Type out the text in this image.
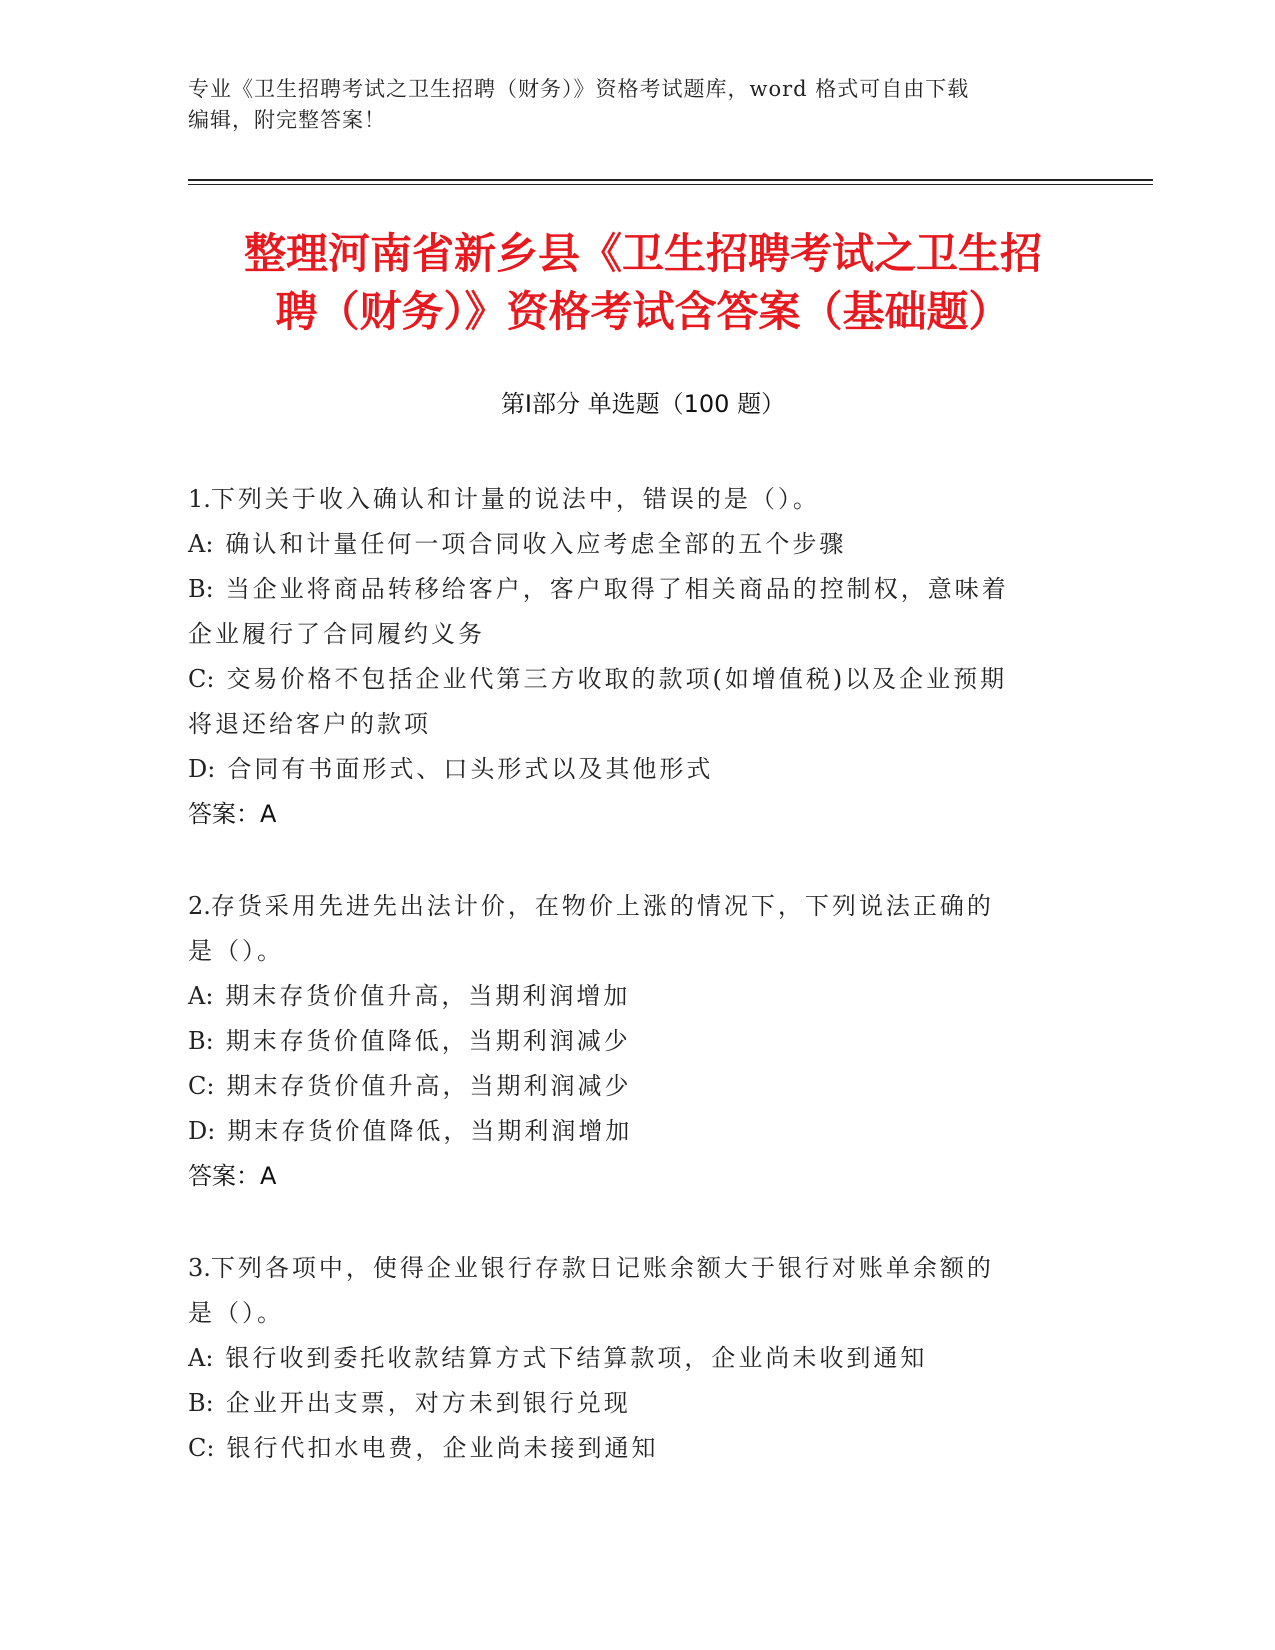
专业《卫生招聘考试之卫生招聘（财务）》资格考试题库，word 格式可自由下载
编辑，附完整答案！
整理河南省新乡县《卫生招聘考试之卫生招
聘（财务）》资格考试含答案（基础题）
第Ⅰ部分 单选题（100 题）
1.下列关于收入确认和计量的说法中，错误的是（）。
A: 确认和计量任何一项合同收入应考虑全部的五个步骤
B: 当企业将商品转移给客户，客户取得了相关商品的控制权，意味着
企业履行了合同履约义务
C: 交易价格不包括企业代第三方收取的款项(如增值税)以及企业预期
将退还给客户的款项
D: 合同有书面形式、口头形式以及其他形式
答案：A
2.存货采用先进先出法计价，在物价上涨的情况下，下列说法正确的
是（）。
A: 期末存货价值升高，当期利润增加
B: 期末存货价值降低，当期利润减少
C: 期末存货价值升高，当期利润减少
D: 期末存货价值降低，当期利润增加
答案：A
3.下列各项中，使得企业银行存款日记账余额大于银行对账单余额的
是（）。
A: 银行收到委托收款结算方式下结算款项，企业尚未收到通知
B: 企业开出支票，对方未到银行兑现
C: 银行代扣水电费，企业尚未接到通知
